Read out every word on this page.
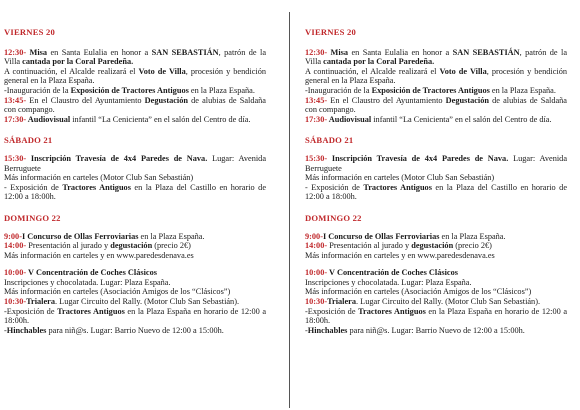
VIERNES 20

12:30- Misa en Santa Eulalia en honor a SAN SEBASTIÁN, patrón de la Villa cantada por la Coral Paredeña.

A continuación, el Alcalde realizará el Voto de Villa, procesión y bendición general en la Plaza España.

-Inauguración de la Exposición de Tractores Antiguos en la Plaza España.

13:45- En el Claustro del Ayuntamiento Degustación de alubias de Saldaña con compango.

17:30- Audiovisual infantil “La Cenicienta” en el salón del Centro de día.

SÁBADO 21

15:30- Inscripción Travesía de 4x4 Paredes de Nava. Lugar: Avenida Berruguete

Más información en carteles (Motor Club San Sebastián)

- Exposición de Tractores Antiguos en la Plaza del Castillo en horario de 12:00 a 18:00h.

DOMINGO 22

9:00-I Concurso de Ollas Ferroviarias en la Plaza España.

14:00- Presentación al jurado y degustación (precio 2€)

Más información en carteles y en www.paredesdenava.es

10:00- V Concentración de Coches Clásicos

Inscripciones y chocolatada. Lugar: Plaza España.

Más información en carteles (Asociación Amigos de los “Clásicos”)

10:30-Trialera. Lugar Circuito del Rally. (Motor Club San Sebastián).

-Exposición de Tractores Antiguos en la Plaza España en horario de 12:00 a 18:00h.

-Hinchables para niñ@s. Lugar: Barrio Nuevo de 12:00 a 15:00h.

VIERNES 20

12:30- Misa en Santa Eulalia en honor a SAN SEBASTIÁN, patrón de la Villa cantada por la Coral Paredeña.

A continuación, el Alcalde realizará el Voto de Villa, procesión y bendición general en la Plaza España.

-Inauguración de la Exposición de Tractores Antiguos en la Plaza España.

13:45- En el Claustro del Ayuntamiento Degustación de alubias de Saldaña con compango.

17:30- Audiovisual infantil “La Cenicienta” en el salón del Centro de día.

SÁBADO 21

15:30- Inscripción Travesía de 4x4 Paredes de Nava. Lugar: Avenida Berruguete

Más información en carteles (Motor Club San Sebastián)

- Exposición de Tractores Antiguos en la Plaza del Castillo en horario de 12:00 a 18:00h.

DOMINGO 22

9:00-I Concurso de Ollas Ferroviarias en la Plaza España.

14:00- Presentación al jurado y degustación (precio 2€)

Más información en carteles y en www.paredesdenava.es

10:00- V Concentración de Coches Clásicos

Inscripciones y chocolatada. Lugar: Plaza España.

Más información en carteles (Asociación Amigos de los “Clásicos”)

10:30-Trialera. Lugar Circuito del Rally. (Motor Club San Sebastián).

-Exposición de Tractores Antiguos en la Plaza España en horario de 12:00 a 18:00h.

-Hinchables para niñ@s. Lugar: Barrio Nuevo de 12:00 a 15:00h.
